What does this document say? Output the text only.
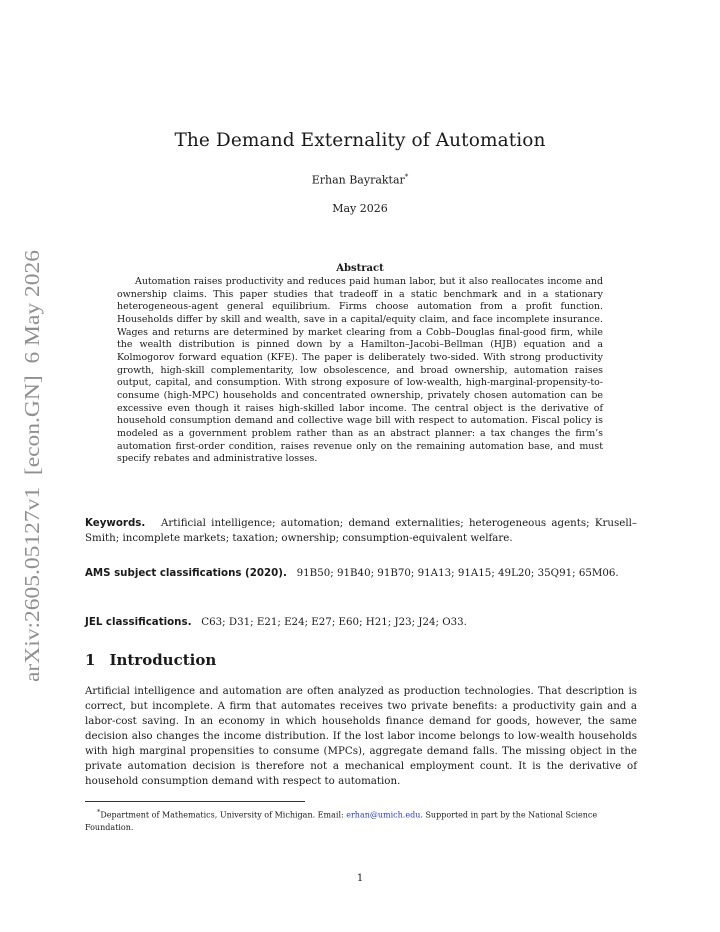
arXiv:2605.05127v1  [econ.GN]  6 May 2026
The Demand Externality of Automation
Erhan Bayraktar*
May 2026
Abstract

Automation raises productivity and reduces paid human labor, but it also reallocates income and ownership claims. This paper studies that tradeoff in a static benchmark and in a stationary heterogeneous-agent general equilibrium. Firms choose automation from a profit function. Households differ by skill and wealth, save in a capital/equity claim, and face incomplete insurance. Wages and returns are determined by market clearing from a Cobb–Douglas final-good firm, while the wealth distribution is pinned down by a Hamilton–Jacobi–Bellman (HJB) equation and a Kolmogorov forward equation (KFE). The paper is deliberately two-sided. With strong productivity growth, high-skill complementarity, low obsolescence, and broad ownership, automation raises output, capital, and consumption. With strong exposure of low-wealth, high-marginal-propensity-to-consume (high-MPC) households and concentrated ownership, privately chosen automation can be excessive even though it raises high-skilled labor income. The central object is the derivative of household consumption demand and collective wage bill with respect to automation. Fiscal policy is modeled as a government problem rather than as an abstract planner: a tax changes the firm’s automation first-order condition, raises revenue only on the remaining automation base, and must specify rebates and administrative losses.

Keywords. Artificial intelligence; automation; demand externalities; heterogeneous agents; Krusell–Smith; incomplete markets; taxation; ownership; consumption-equivalent welfare.

AMS subject classifications (2020). 91B50; 91B40; 91B70; 91A13; 91A15; 49L20; 35Q91; 65M06.

JEL classifications. C63; D31; E21; E24; E27; E60; H21; J23; J24; O33.

1 Introduction

Artificial intelligence and automation are often analyzed as production technologies. That description is correct, but incomplete. A firm that automates receives two private benefits: a productivity gain and a labor-cost saving. In an economy in which households finance demand for goods, however, the same decision also changes the income distribution. If the lost labor income belongs to low-wealth households with high marginal propensities to consume (MPCs), aggregate demand falls. The missing object in the private automation decision is therefore not a mechanical employment count. It is the derivative of household consumption demand with respect to automation.

*Department of Mathematics, University of Michigan. Email: erhan@umich.edu. Supported in part by the National Science Foundation.

1
